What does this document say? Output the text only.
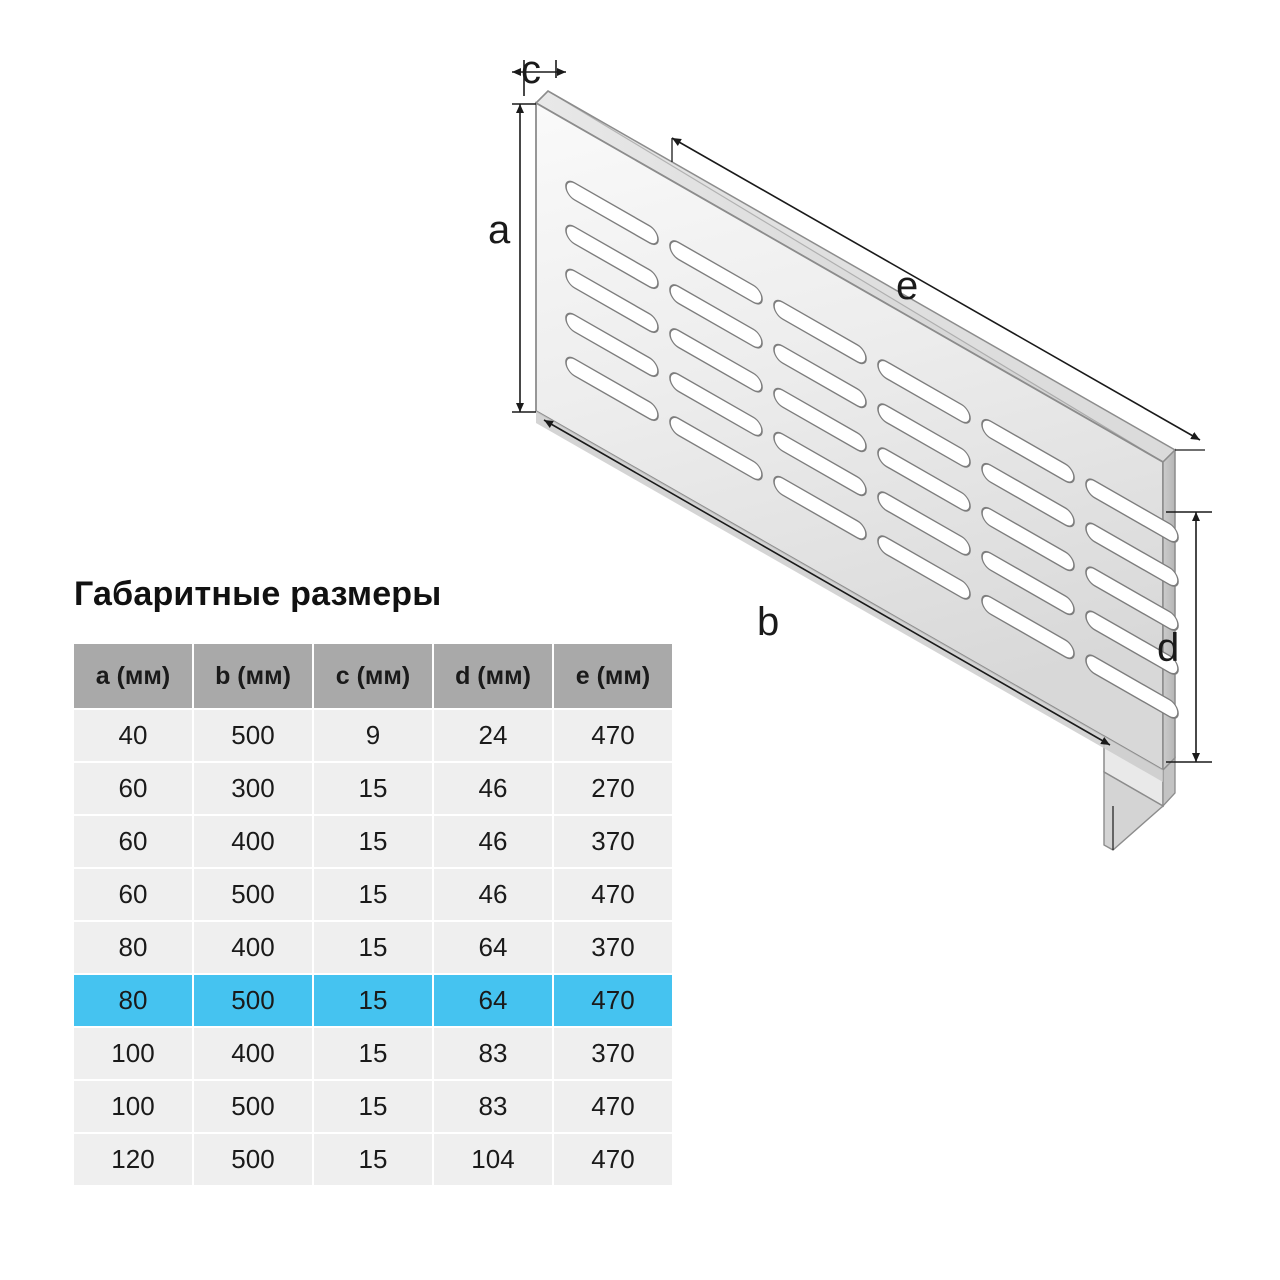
c
a
e
b
d
Габаритные размеры
a (мм)	b (мм)	c (мм)	d (мм)	e (мм)
40	500	9	24	470
60	300	15	46	270
60	400	15	46	370
60	500	15	46	470
80	400	15	64	370
80	500	15	64	470
100	400	15	83	370
100	500	15	83	470
120	500	15	104	470
